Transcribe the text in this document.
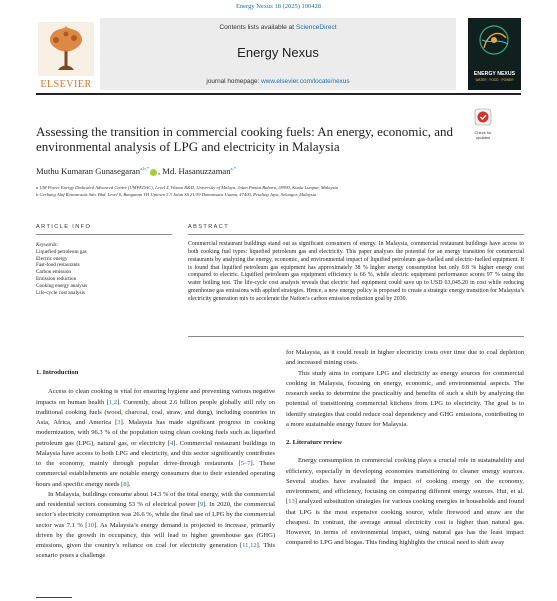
Energy Nexus 18 (2025) 100428
ELSEVIER
Contents lists available at ScienceDirect
Energy Nexus
journal homepage: www.elsevier.com/locate/nexus
ENERGY NEXUS
WATER · FOOD · POWER
Assessing the transition in commercial cooking fuels: An energy, economic, and environmental analysis of LPG and electricity in Malaysia
Check for
updates
Muthu Kumaran Gunasegaran$^{a,b,*}$ , Md. Hasanuzzaman$^{a,*}$
a UM Power Energy Dedicated Advanced Centre (UMPEDAC), Level 4, Wisma R&D, University of Malaya, Jalan Pantai Baharu, 59990, Kuala Lumpur, Malaysia
b Gerbang Alaf Restaurants Sdn. Bhd. Level 6, Bangunan TH Uptown 3 3 Jalan SS 21/39 Damansara Utama, 47400, Petaling Jaya, Selangor, Malaysia
ARTICLE INFO	ABSTRACT
Keywords:
Liquefied petroleum gas
Electric energy
Fast-food restaurants
Carbon emission
Emission reduction
Cooking energy analysis
Life-cycle cost analysis
Commercial restaurant buildings stand out as significant consumers of energy. In Malaysia, commercial restaurant buildings have access to both cooking fuel types: liquefied petroleum gas and electricity. This paper analyses the potential for an energy transition for commercial restaurants by analyzing the energy, economic, and environmental impact of liquified petroleum gas-fuelled and electric-fuelled equipment. It is found that liquified petroleum gas equipment has approximately 38 % higher energy consumption but only 0.8 % higher energy cost compared to electric. Liquified petroleum gas equipment efficiency is 66 %, while electric equipment performance scores 97 % using the water boiling test. The life-cycle cost analysis reveals that electric fuel equipment could save up to USD 63,045.20 in cost while reducing greenhouse gas emissions with applied strategies. Hence, a new energy policy is proposed to create a strategic energy transition for Malaysia’s electricity generation mix to accelerate the Nation’s carbon emission reduction goal by 2030.
1. Introduction

Access to clean cooking is vital for ensuring hygiene and preventing various negative impacts on human health [1,2]. Currently, about 2.6 billion people globally still rely on traditional cooking fuels (wood, charcoal, coal, straw, and dung), including countries in Asia, Africa, and America [3]. Malaysia has made significant progress in cooking modernization, with 96.3 % of the population using clean cooking fuels such as liquefied petroleum gas (LPG), natural gas, or electricity [4]. Commercial restaurant buildings in Malaysia have access to both LPG and electricity, and this sector significantly contributes to the economy, mainly through popular drive-through restaurants [5–7]. These commercial establishments are notable energy consumers due to their extended operating hours and specific energy needs [8].

In Malaysia, buildings consume about 14.3 % of the total energy, with the commercial and residential sectors consuming 53 % of electrical power [9]. In 2020, the commercial sector’s electricity consumption was 26.6 %, while the final use of LPG by the commercial sector was 7.1 % [10]. As Malaysia’s energy demand is projected to increase, primarily driven by the growth in occupancy, this will lead to higher greenhouse gas (GHG) emissions, given the country’s reliance on coal for electricity generation [11,12]. This scenario poses a challenge

for Malaysia, as it could result in higher electricity costs over time due to coal depletion and increased mining costs.

This study aims to compare LPG and electricity as energy sources for commercial cooking in Malaysia, focusing on energy, economic, and environmental aspects. The research seeks to determine the practicality and benefits of such a shift by analyzing the potential of transitioning commercial kitchens from LPG to electricity. The goal is to identify strategies that could reduce coal dependency and GHG emissions, contributing to a more sustainable energy future for Malaysia.

2. Literature review

Energy consumption in commercial cooking plays a crucial role in sustainability and efficiency, especially in developing economies transitioning to cleaner energy sources. Several studies have evaluated the impact of cooking energy on the economy, environment, and efficiency, focusing on comparing different energy sources. Hui, et al. [13] analyzed substitution strategies for various cooking energies in households and found that LPG is the most expensive cooking source, while firewood and straw are the cheapest. In contrast, the average annual electricity cost is higher than natural gas. However, in terms of environmental impact, using natural gas has the least impact compared to LPG and biogas. This finding highlights the critical need to shift away
